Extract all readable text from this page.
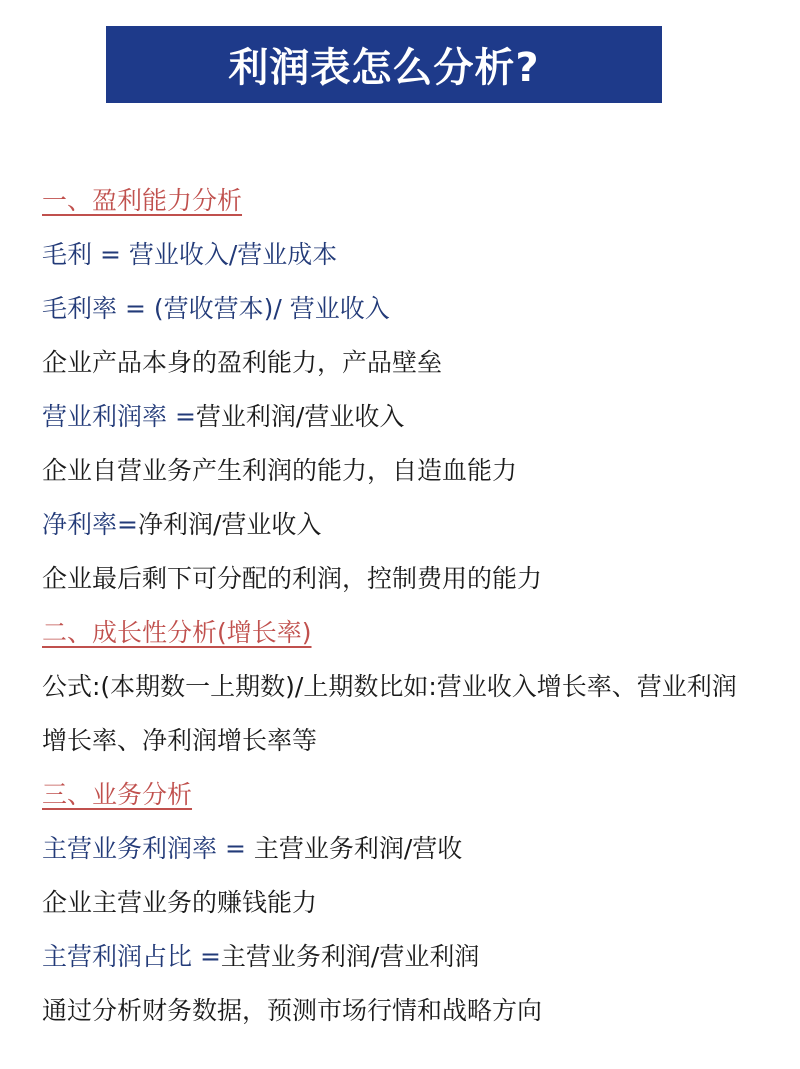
利润表怎么分析?
一、盈利能力分析
毛利 = 营业收入/营业成本
毛利率 = (营收营本)/ 营业收入
企业产品本身的盈利能力，产品壁垒
营业利润率 =营业利润/营业收入
企业自营业务产生利润的能力，自造血能力
净利率=净利润/营业收入
企业最后剩下可分配的利润，控制费用的能力
二、成长性分析(增长率)
公式:(本期数一上期数)/上期数比如:营业收入增长率、营业利润增长率、净利润增长率等
三、业务分析
主营业务利润率 = 主营业务利润/营收
企业主营业务的赚钱能力
主营利润占比 =主营业务利润/营业利润
通过分析财务数据，预测市场行情和战略方向
